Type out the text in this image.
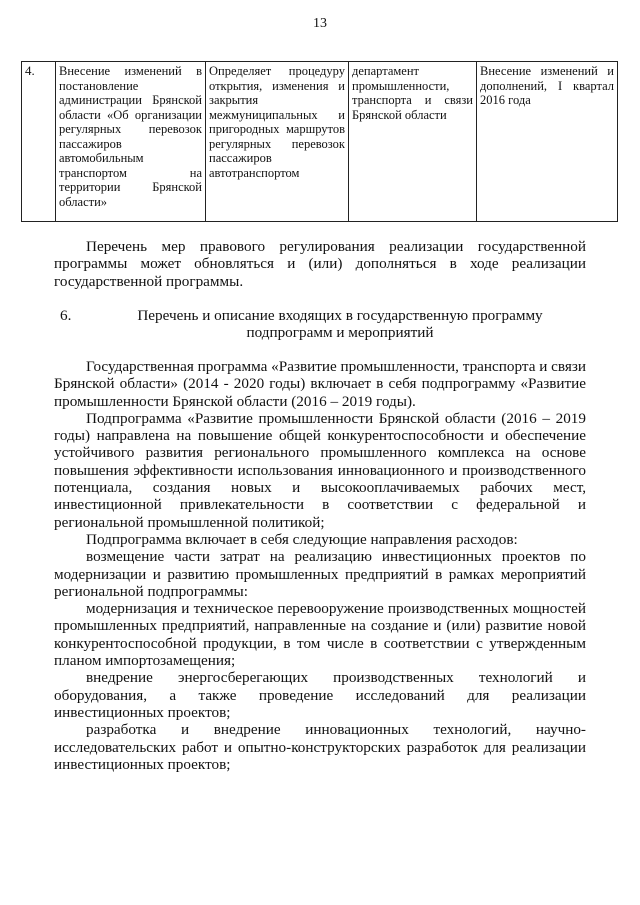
13
4.	Внесение изменений в постановление администрации Брянской области «Об организации регулярных перевозок пассажиров автомобильным транспортом на территории Брянской области»	Определяет процедуру открытия, изменения и закрытия межмуниципальных и пригородных маршрутов регулярных перевозок пассажиров автотранспортом	департамент промышленности, транспорта и связи Брянской области	Внесение изменений и дополнений, I квартал 2016 года

Перечень мер правового регулирования реализации государственной программы может обновляться и (или) дополняться в ходе реализации государственной программы.

6.	Перечень и описание входящих в государственную программу подпрограмм и мероприятий

Государственная программа «Развитие промышленности, транспорта и связи Брянской области» (2014 - 2020 годы) включает в себя подпрограмму «Развитие промышленности Брянской области (2016 – 2019 годы).

Подпрограмма «Развитие промышленности Брянской области (2016 – 2019 годы) направлена на повышение общей конкурентоспособности и обеспечение устойчивого развития регионального промышленного комплекса на основе повышения эффективности использования инновационного и производственного потенциала, создания новых и высокооплачиваемых рабочих мест, инвестиционной привлекательности в соответствии с федеральной и региональной промышленной политикой;

Подпрограмма включает в себя следующие направления расходов:

возмещение части затрат на реализацию инвестиционных проектов по модернизации и развитию промышленных предприятий в рамках мероприятий региональной подпрограммы:

модернизация и техническое перевооружение производственных мощностей промышленных предприятий, направленные на создание и (или) развитие новой конкурентоспособной продукции, в том числе в соответствии с утвержденным планом импортозамещения;

внедрение энергосберегающих производственных технологий и оборудования, а также проведение исследований для реализации инвестиционных проектов;

разработка и внедрение инновационных технологий, научно-исследовательских работ и опытно-конструкторских разработок для реализации инвестиционных проектов;
